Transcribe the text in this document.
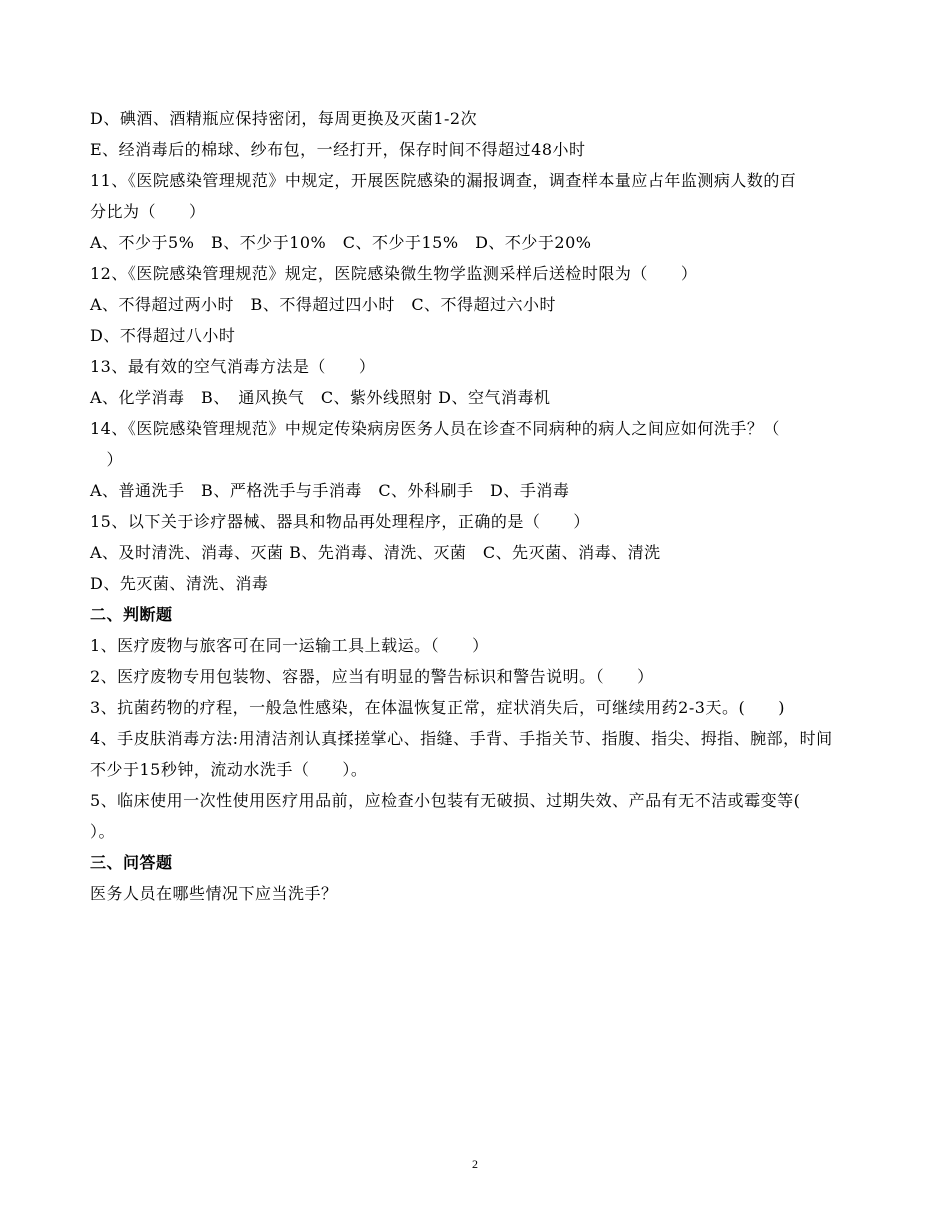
D、碘酒、酒精瓶应保持密闭，每周更换及灭菌1-2次
E、经消毒后的棉球、纱布包，一经打开，保存时间不得超过48小时
11、《医院感染管理规范》中规定，开展医院感染的漏报调查，调查样本量应占年监测病人数的百
分比为（　　）
A、不少于5%　B、不少于10%　C、不少于15%　D、不少于20%
12、《医院感染管理规范》规定，医院感染微生物学监测采样后送检时限为（　　）
A、不得超过两小时　B、不得超过四小时　C、不得超过六小时
D、不得超过八小时
13、最有效的空气消毒方法是（　　）
A、化学消毒　B、　通风换气　C、紫外线照射 D、空气消毒机
14、《医院感染管理规范》中规定传染病房医务人员在诊查不同病种的病人之间应如何洗手？（
　）
A、普通洗手　B、严格洗手与手消毒　C、外科刷手　D、手消毒
15、以下关于诊疗器械、器具和物品再处理程序，正确的是（　　）
A、及时清洗、消毒、灭菌 B、先消毒、清洗、灭菌　C、先灭菌、消毒、清洗
D、先灭菌、清洗、消毒
二、判断题
1、医疗废物与旅客可在同一运输工具上载运。（　　）
2、医疗废物专用包装物、容器，应当有明显的警告标识和警告说明。（　　）
3、抗菌药物的疗程，一般急性感染，在体温恢复正常，症状消失后，可继续用药2-3天。(　　)
4、手皮肤消毒方法:用清洁剂认真揉搓掌心、指缝、手背、手指关节、指腹、指尖、拇指、腕部，时间
不少于15秒钟，流动水洗手（　　）。
5、临床使用一次性使用医疗用品前，应检查小包装有无破损、过期失效、产品有无不洁或霉变等(
）。
三、问答题
医务人员在哪些情况下应当洗手？
2
